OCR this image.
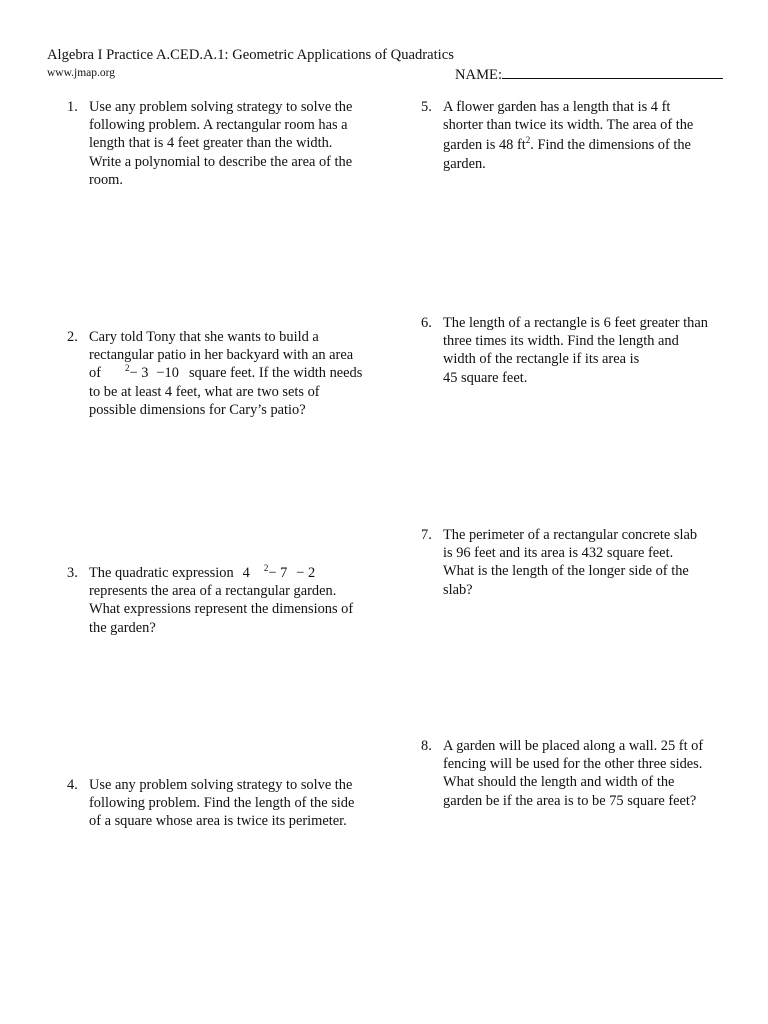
Algebra I Practice A.CED.A.1: Geometric Applications of Quadratics
www.jmap.org	NAME:
1. Use any problem solving strategy to solve the
following problem. A rectangular room has a
length that is 4 feet greater than the width.
Write a polynomial to describe the area of the
room.
2. Cary told Tony that she wants to build a
rectangular patio in her backyard with an area
of	$^2$− 3 −10 square feet. If the width needs
to be at least 4 feet, what are two sets of
possible dimensions for Cary’s patio?
3. The quadratic expression 4 $^2$− 7 − 2
represents the area of a rectangular garden.
What expressions represent the dimensions of
the garden?
4. Use any problem solving strategy to solve the
following problem. Find the length of the side
of a square whose area is twice its perimeter.
5. A flower garden has a length that is 4 ft
shorter than twice its width. The area of the
garden is 48 $ft^2$. Find the dimensions of the
garden.
6. The length of a rectangle is 6 feet greater than
three times its width. Find the length and
width of the rectangle if its area is
45 square feet.
7. The perimeter of a rectangular concrete slab
is 96 feet and its area is 432 square feet.
What is the length of the longer side of the
slab?
8. A garden will be placed along a wall. 25 ft of
fencing will be used for the other three sides.
What should the length and width of the
garden be if the area is to be 75 square feet?
